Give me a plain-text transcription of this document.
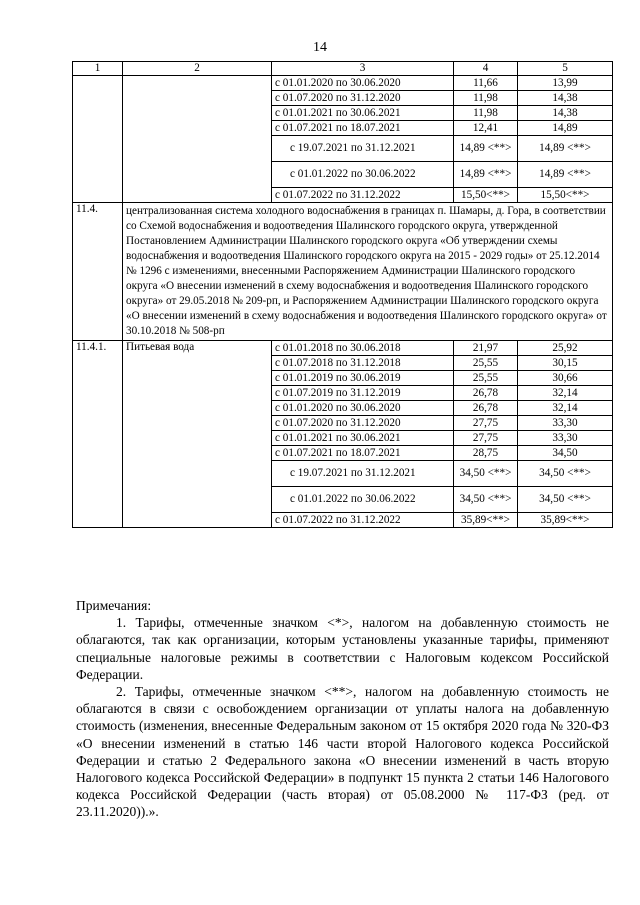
14
1	2	3	4	5
		с 01.01.2020 по 30.06.2020	11,66	13,99
		с 01.07.2020 по 31.12.2020	11,98	14,38
		с 01.01.2021 по 30.06.2021	11,98	14,38
		с 01.07.2021 по 18.07.2021	12,41	14,89
		с 19.07.2021 по 31.12.2021	14,89 <**>	14,89 <**>
		с 01.01.2022 по 30.06.2022	14,89 <**>	14,89 <**>
		с 01.07.2022 по 31.12.2022	15,50<**>	15,50<**>
11.4.	централизованная система холодного водоснабжения в границах п. Шамары, д. Гора, в соответствии со Схемой водоснабжения и водоотведения Шалинского городского округа, утвержденной Постановлением Администрации Шалинского городского округа «Об утверждении схемы водоснабжения и водоотведения Шалинского городского округа на 2015 - 2029 годы» от 25.12.2014 № 1296 с изменениями, внесенными Распоряжением Администрации Шалинского городского округа «О внесении изменений в схему водоснабжения и водоотведения Шалинского городского округа» от 29.05.2018 № 209-рп, и Распоряжением Администрации Шалинского городского округа «О внесении изменений в схему водоснабжения и водоотведения Шалинского городского округа» от 30.10.2018 № 508-рп			
11.4.1.	Питьевая вода	с 01.01.2018 по 30.06.2018	21,97	25,92
		с 01.07.2018 по 31.12.2018	25,55	30,15
		с 01.01.2019 по 30.06.2019	25,55	30,66
		с 01.07.2019 по 31.12.2019	26,78	32,14
		с 01.01.2020 по 30.06.2020	26,78	32,14
		с 01.07.2020 по 31.12.2020	27,75	33,30
		с 01.01.2021 по 30.06.2021	27,75	33,30
		с 01.07.2021 по 18.07.2021	28,75	34,50
		с 19.07.2021 по 31.12.2021	34,50 <**>	34,50 <**>
		с 01.01.2022 по 30.06.2022	34,50 <**>	34,50 <**>
		с 01.07.2022 по 31.12.2022	35,89<**>	35,89<**>

Примечания:

1. Тарифы, отмеченные значком <*>, налогом на добавленную стоимость не облагаются, так как организации, которым установлены указанные тарифы, применяют специальные налоговые режимы в соответствии с Налоговым кодексом Российской Федерации.

2. Тарифы, отмеченные значком <**>, налогом на добавленную стоимость не облагаются в связи с освобождением организации от уплаты налога на добавленную стоимость (изменения, внесенные Федеральным законом от 15 октября 2020 года № 320-ФЗ «О внесении изменений в статью 146 части второй Налогового кодекса Российской Федерации и статью 2 Федерального закона «О внесении изменений в часть вторую Налогового кодекса Российской Федерации» в подпункт 15 пункта 2 статьи 146 Налогового кодекса Российской Федерации (часть вторая) от 05.08.2000 № 117-ФЗ (ред. от 23.11.2020)).».
